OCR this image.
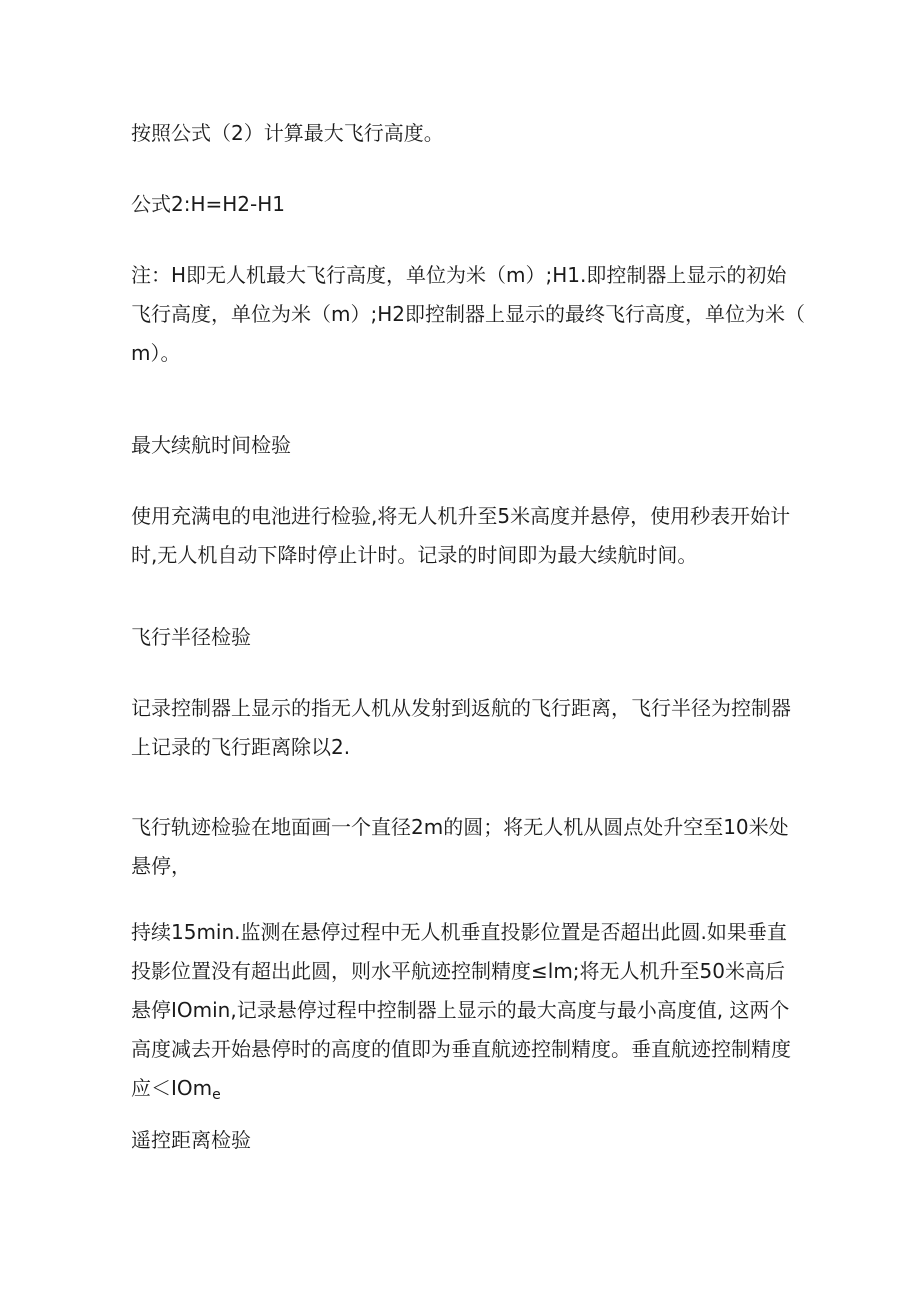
按照公式（2）计算最大飞行高度。

公式2:H=H2-H1

注：H即无人机最大飞行高度，单位为米（m）;H1.即控制器上显示的初始
飞行高度，单位为米（m）;H2即控制器上显示的最终飞行高度，单位为米（
m）。

最大续航时间检验

使用充满电的电池进行检验,将无人机升至5米高度并悬停，使用秒表开始计
时,无人机自动下降时停止计时。记录的时间即为最大续航时间。

飞行半径检验

记录控制器上显示的指无人机从发射到返航的飞行距离，飞行半径为控制器
上记录的飞行距离除以2.

飞行轨迹检验在地面画一个直径2m的圆；将无人机从圆点处升空至10米处
悬停，

持续15min.监测在悬停过程中无人机垂直投影位置是否超出此圆.如果垂直
投影位置没有超出此圆，则水平航迹控制精度≤lm;将无人机升至50米高后
悬停IOmin,记录悬停过程中控制器上显示的最大高度与最小高度值, 这两个
高度减去开始悬停时的高度的值即为垂直航迹控制精度。垂直航迹控制精度
应＜IOm$_e$

遥控距离检验
